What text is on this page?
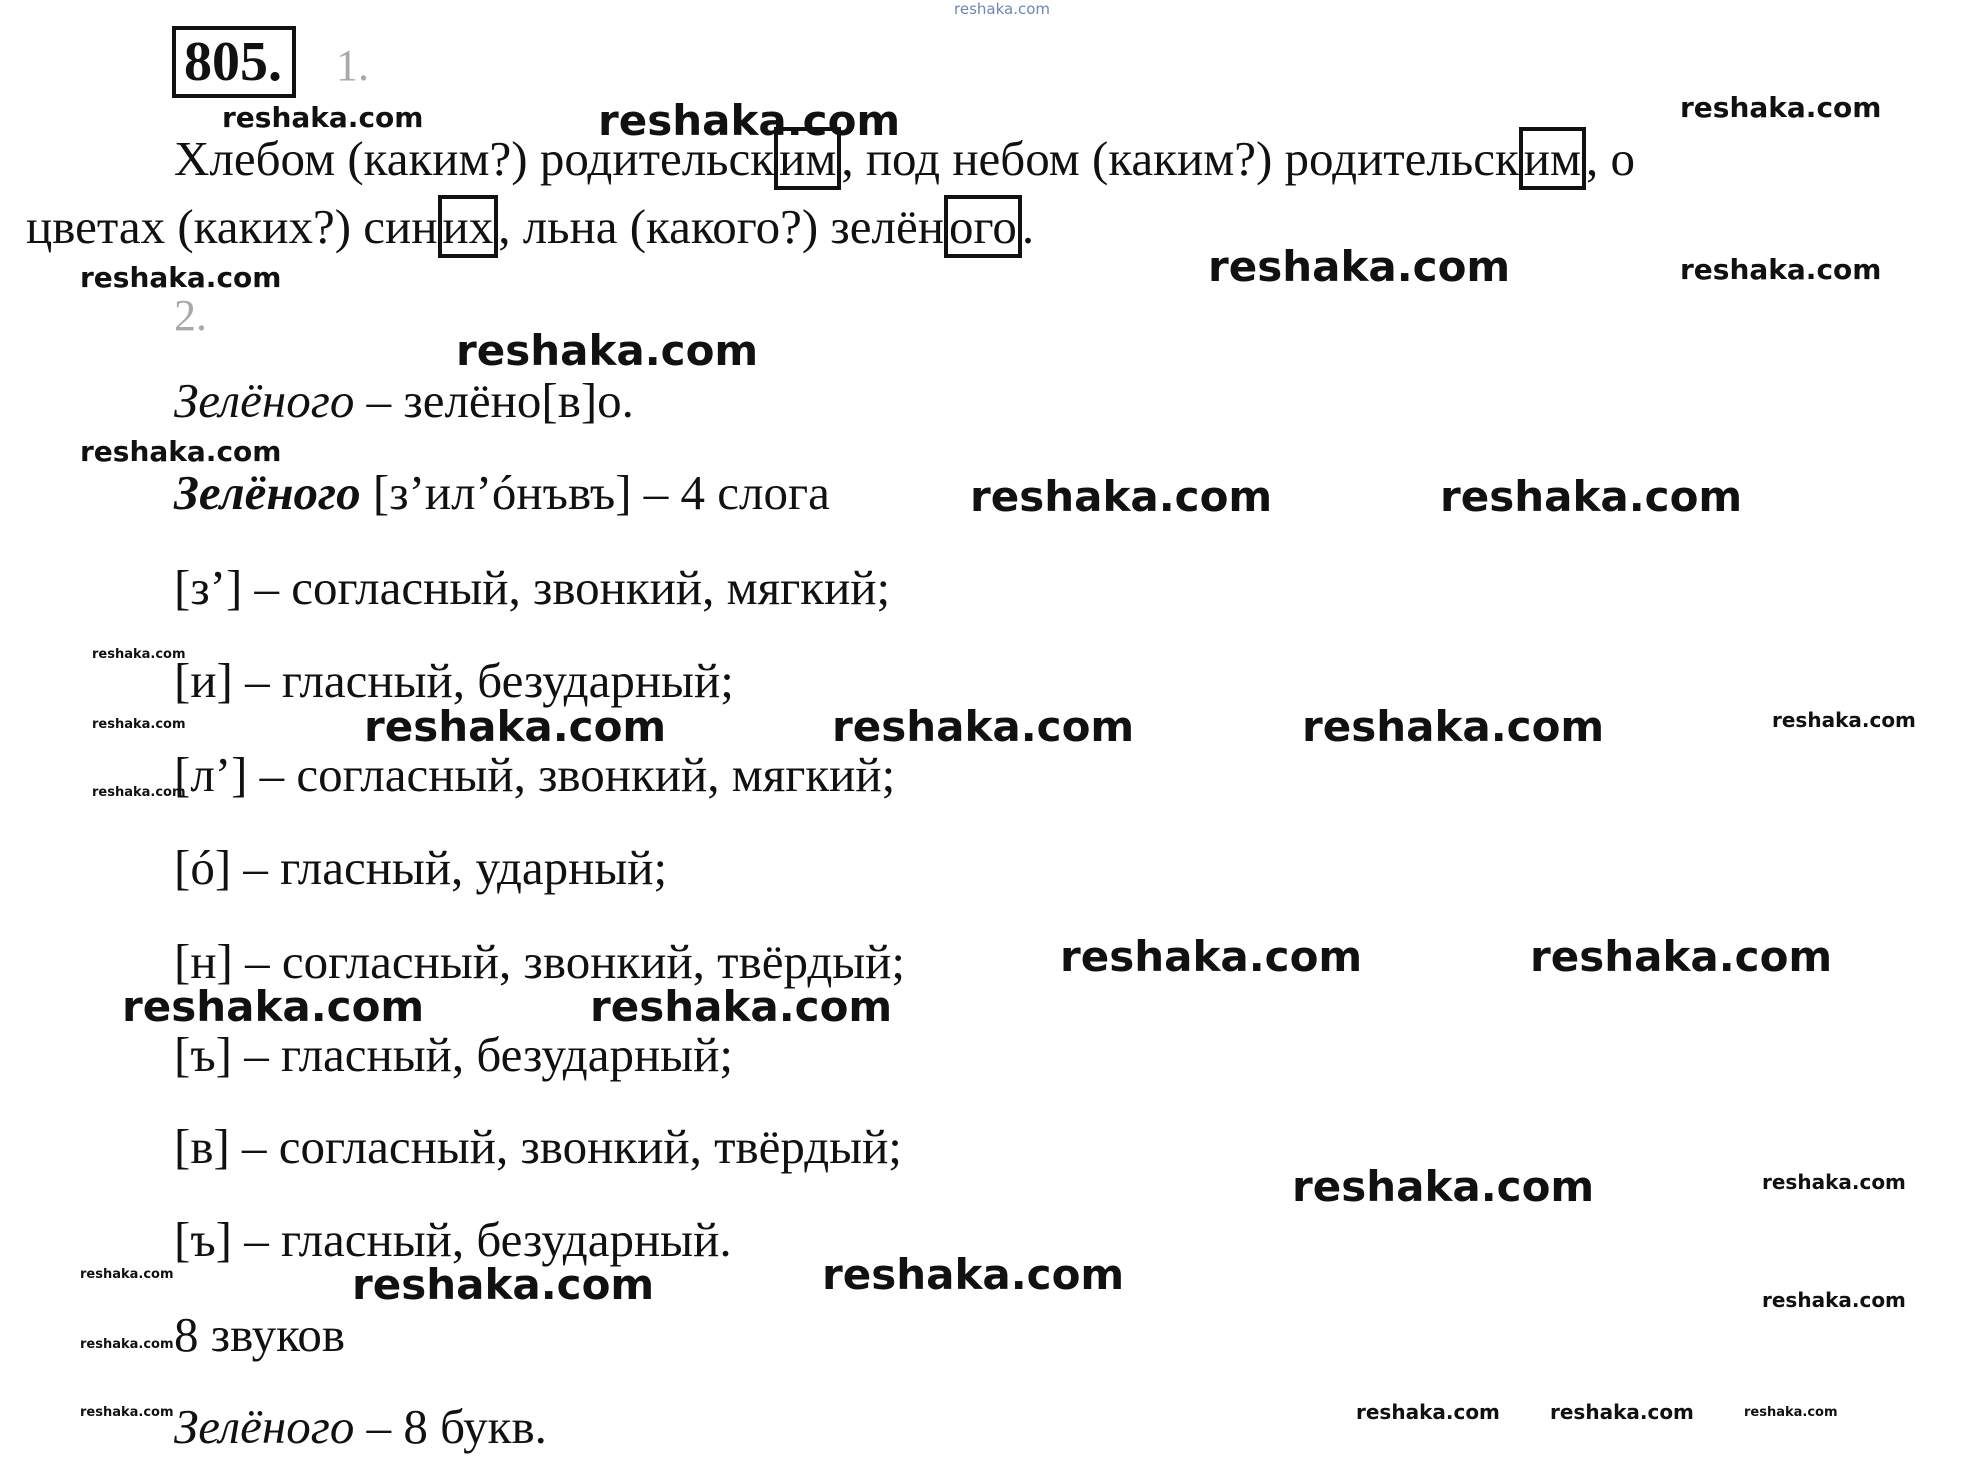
805.	1.
Хлебом (каким?) родительск им , под небом (каким?) родительск им , о
цветах (каких?) син их , льна (какого?) зелён ого .
2.
Зелёного – зелёно[в]о.
Зелёного [з’ил’óнъвъ] – 4 слога
[з’] – согласный, звонкий, мягкий;
[и] – гласный, безударный;
[л’] – согласный, звонкий, мягкий;
[ó] – гласный, ударный;
[н] – согласный, звонкий, твёрдый;
[ъ] – гласный, безударный;
[в] – согласный, звонкий, твёрдый;
[ъ] – гласный, безударный.
8 звуков
Зелёного – 8 букв.
reshaka.com
reshaka.com	reshaka.com	reshaka.com
reshaka.com	reshaka.com	reshaka.com
reshaka.com
reshaka.com
reshaka.com	reshaka.com
reshaka.com
reshaka.com
reshaka.com
reshaka.com	reshaka.com	reshaka.com	reshaka.com
reshaka.com	reshaka.com
reshaka.com	reshaka.com
reshaka.com	reshaka.com
reshaka.com	reshaka.com
reshaka.com
reshaka.com
reshaka.com
reshaka.com	reshaka.com	reshaka.com	reshaka.com
